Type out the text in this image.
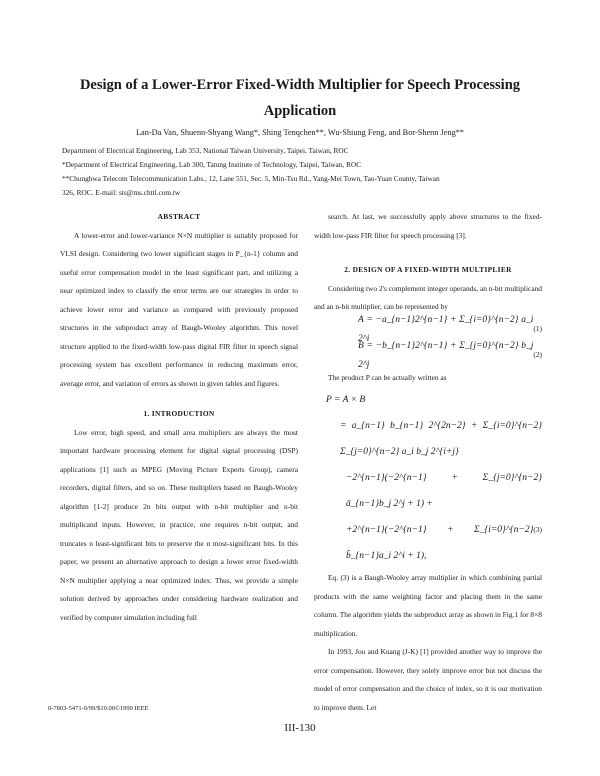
Design of a Lower-Error Fixed-Width Multiplier for Speech Processing
Application
Lan-Da Van, Shuenn-Shyang Wang*, Shing Tenqchen**, Wu-Shiung Feng, and Bor-Shenn Jeng**
Department of Electrical Engineering, Lab 353, National Taiwan University, Taipei, Taiwan, ROC
*Department of Electrical Engineering, Lab 300, Tatung Institute of Technology, Taipei, Taiwan, ROC
**Chunghwa Telecom Telecommunication Labs., 12, Lane 551, Sec. 5, Min-Tsu Rd., Yang-Mei Town, Tao-Yuan County, Taiwan
326, ROC. E-mail: sts@ms.chttl.com.tw
ABSTRACT

A lower-error and lower-variance N×N multiplier is suitably proposed for VLSI design. Considering two lower significant stages in P_{n-1} column and useful error compensation model in the least significant part, and utilizing a near optimized index to classify the error terms are our strategies in order to achieve lower error and variance as compared with previously proposed structures in the subproduct array of Baugh-Wooley algorithm. This novel structure applied to the fixed-width low-pass digital FIR filter in speech signal processing system has excellent performance in reducing maximum error, average error, and variation of errors as shown in given tables and figures.

1. INTRODUCTION

Low error, high speed, and small area multipliers are always the most important hardware processing element for digital signal processing (DSP) applications [1] such as MPEG (Moving Picture Experts Group), camera recorders, digital filters, and so on. These multipliers based on Baugh-Wooley algorithm [1-2] produce 2n bits output with n-bit multiplier and n-bit multiplicand inputs. However, in practice, one requires n-bit output, and truncates n least-significant bits to preserve the n most-significant bits. In this paper, we present an alternative approach to design a lower error fixed-width N×N multiplier applying a near optimized index. Thus, we provide a simple solution derived by approaches under considering hardware realization and verified by computer simulation including full

search. At last, we successfully apply above structures to the fixed-width low-pass FIR filter for speech processing [3].

2. DESIGN OF A FIXED-WIDTH MULTIPLIER

Considering two 2's complement integer operands, an n-bit multiplicand and an n-bit multiplier, can be represented by

A = −a_{n−1}2^{n−1} + Σ_{i=0}^{n−2} a_i 2^i
(1)
B = −b_{n−1}2^{n−1} + Σ_{j=0}^{n−2} b_j 2^j
(2)

The product P can be actually written as

P = A × B
= a_{n−1} b_{n−1} 2^{2n−2} + Σ_{i=0}^{n−2} Σ_{j=0}^{n−2} a_i b_j 2^{i+j}
−2^{n−1}(−2^{n−1} + Σ_{j=0}^{n−2} ā_{n−1}b_j 2^j + 1) +
+2^{n−1}(−2^{n−1} + Σ_{i=0}^{n−2} b̄_{n−1}a_i 2^i + 1),
(3)

Eq. (3) is a Baugh-Wooley array multiplier in which combining partial products with the same weighting factor and placing them in the same column. The algorithm yields the subproduct array as shown in Fig.1 for 8×8 multiplication.

In 1993, Jou and Kuang (J-K) [1] provided another way to improve the error compensation. However, they solely improve error but not discuss the model of error compensation and the choice of index, so it is our motivation to improve them. Let

0-7803-5471-0/99/$10.00©1999 IEEE
III-130
